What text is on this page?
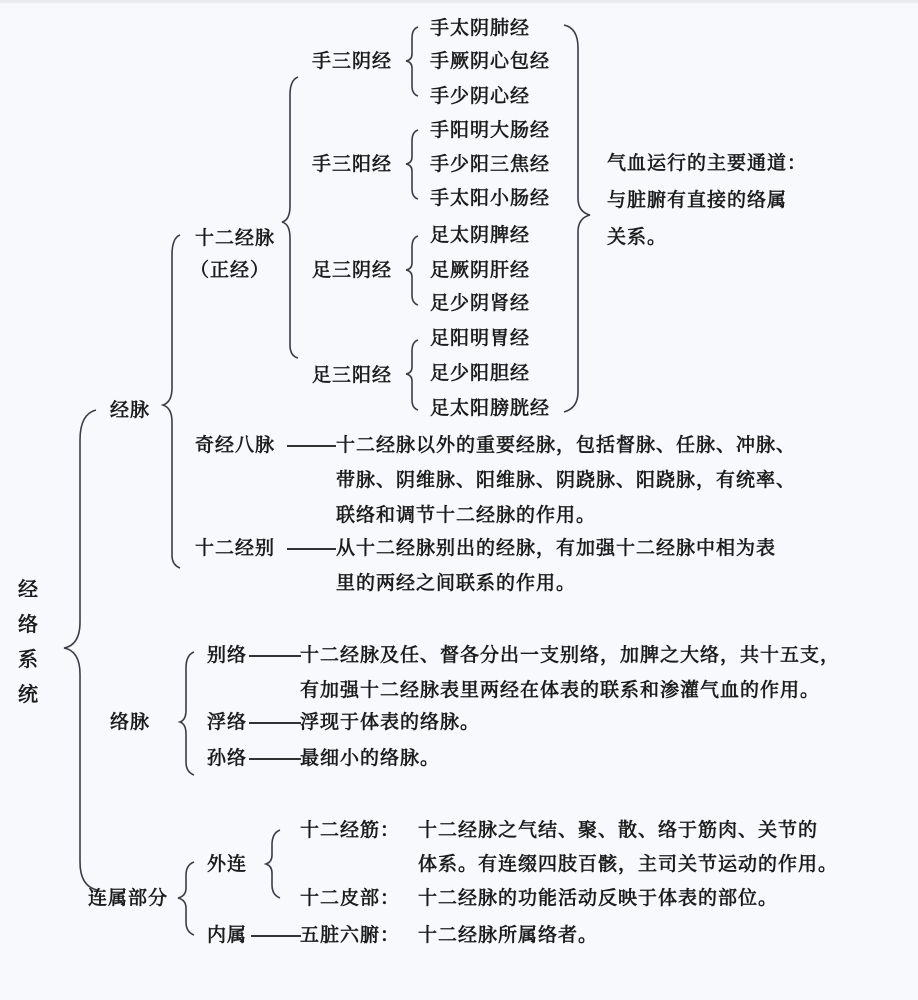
经
络
系
统
经脉
十二经脉
（正经）
手三阴经
手三阳经
足三阴经
足三阳经
手太阴肺经
手厥阴心包经
手少阴心经
手阳明大肠经
手少阳三焦经
手太阳小肠经
足太阴脾经
足厥阴肝经
足少阴肾经
足阳明胃经
足少阳胆经
足太阳膀胱经
气血运行的主要通道：
与脏腑有直接的络属
关系。
奇经八脉	十二经脉以外的重要经脉，包括督脉、任脉、冲脉、
带脉、阴维脉、阳维脉、阴跷脉、阳跷脉，有统率、
联络和调节十二经脉的作用。
十二经别	从十二经脉别出的经脉，有加强十二经脉中相为表
里的两经之间联系的作用。
络脉
别络	十二经脉及任、督各分出一支别络，加脾之大络，共十五支，
有加强十二经脉表里两经在体表的联系和渗灌气血的作用。
浮络	浮现于体表的络脉。
孙络	最细小的络脉。
连属部分
外连
十二经筋： 十二经脉之气结、聚、散、络于筋肉、关节的
体系。有连缀四肢百骸，主司关节运动的作用。
十二皮部： 十二经脉的功能活动反映于体表的部位。
内属	五脏六腑： 十二经脉所属络者。
